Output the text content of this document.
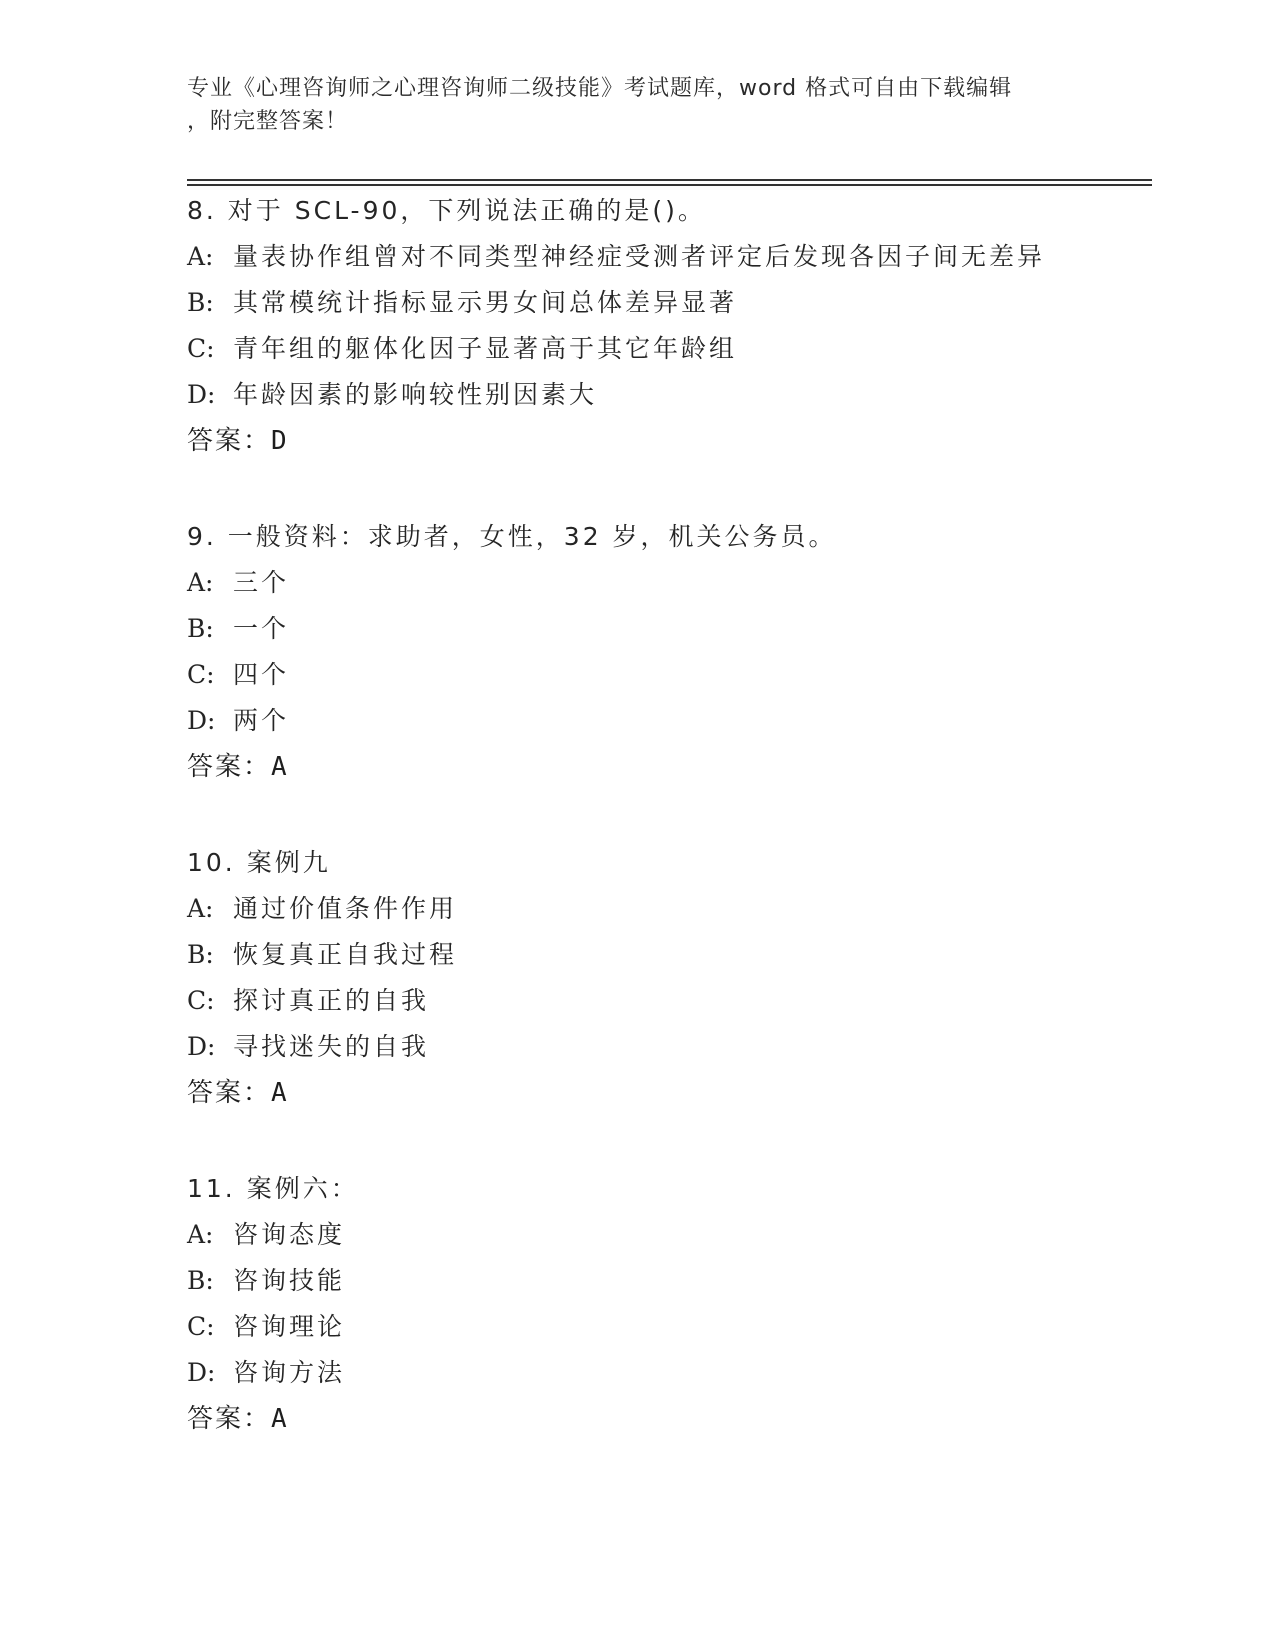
专业《心理咨询师之心理咨询师二级技能》考试题库，word 格式可自由下载编辑
，附完整答案！
8. 对于 SCL-90，下列说法正确的是()。
A: 量表协作组曾对不同类型神经症受测者评定后发现各因子间无差异
B: 其常模统计指标显示男女间总体差异显著
C: 青年组的躯体化因子显著高于其它年龄组
D: 年龄因素的影响较性别因素大
答案：D
9. 一般资料：求助者，女性，32 岁，机关公务员。
A: 三个
B: 一个
C: 四个
D: 两个
答案：A
10. 案例九
A: 通过价值条件作用
B: 恢复真正自我过程
C: 探讨真正的自我
D: 寻找迷失的自我
答案：A
11. 案例六：
A: 咨询态度
B: 咨询技能
C: 咨询理论
D: 咨询方法
答案：A
